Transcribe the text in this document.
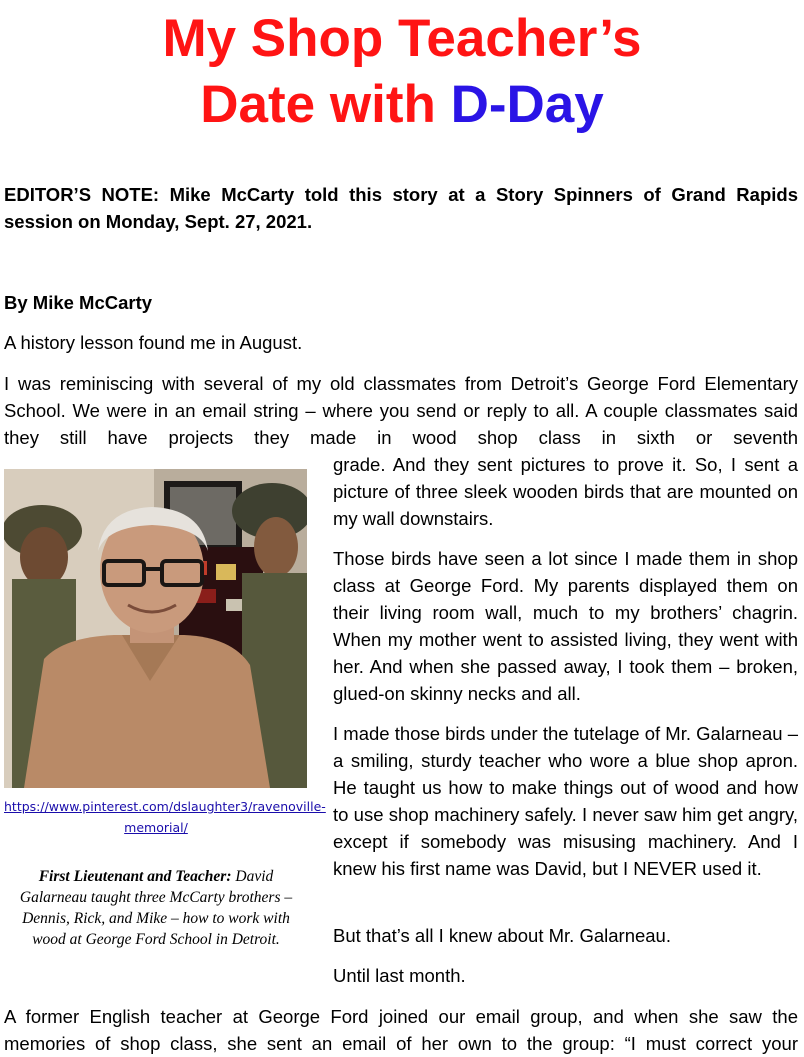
My Shop Teacher’s
Date with D-Day

EDITOR’S NOTE: Mike McCarty told this story at a Story Spinners of Grand Rapids session on Monday, Sept. 27, 2021.

By Mike McCarty

A history lesson found me in August.

I was reminiscing with several of my old classmates from Detroit’s George Ford Elementary School. We were in an email string – where you send or reply to all. A couple classmates said they still have projects they made in wood shop class in sixth or seventh

https://www.pinterest.com/dslaughter3/ravenoville-memorial/

First Lieutenant and Teacher: David Galarneau taught three McCarty brothers – Dennis, Rick, and Mike – how to work with wood at George Ford School in Detroit.

grade. And they sent pictures to prove it. So, I sent a picture of three sleek wooden birds that are mounted on my wall downstairs.

Those birds have seen a lot since I made them in shop class at George Ford. My parents displayed them on their living room wall, much to my brothers’ chagrin. When my mother went to assisted living, they went with her. And when she passed away, I took them – broken, glued-on skinny necks and all.

I made those birds under the tutelage of Mr. Galarneau – a smiling, sturdy teacher who wore a blue shop apron. He taught us how to make things out of wood and how to use shop machinery safely. I never saw him get angry, except if somebody was misusing machinery. And I knew his first name was David, but I NEVER used it.

But that’s all I knew about Mr. Galarneau.

Until last month.

A former English teacher at George Ford joined our email group, and when she saw the memories of shop class, she sent an email of her own to the group: “I must correct your
